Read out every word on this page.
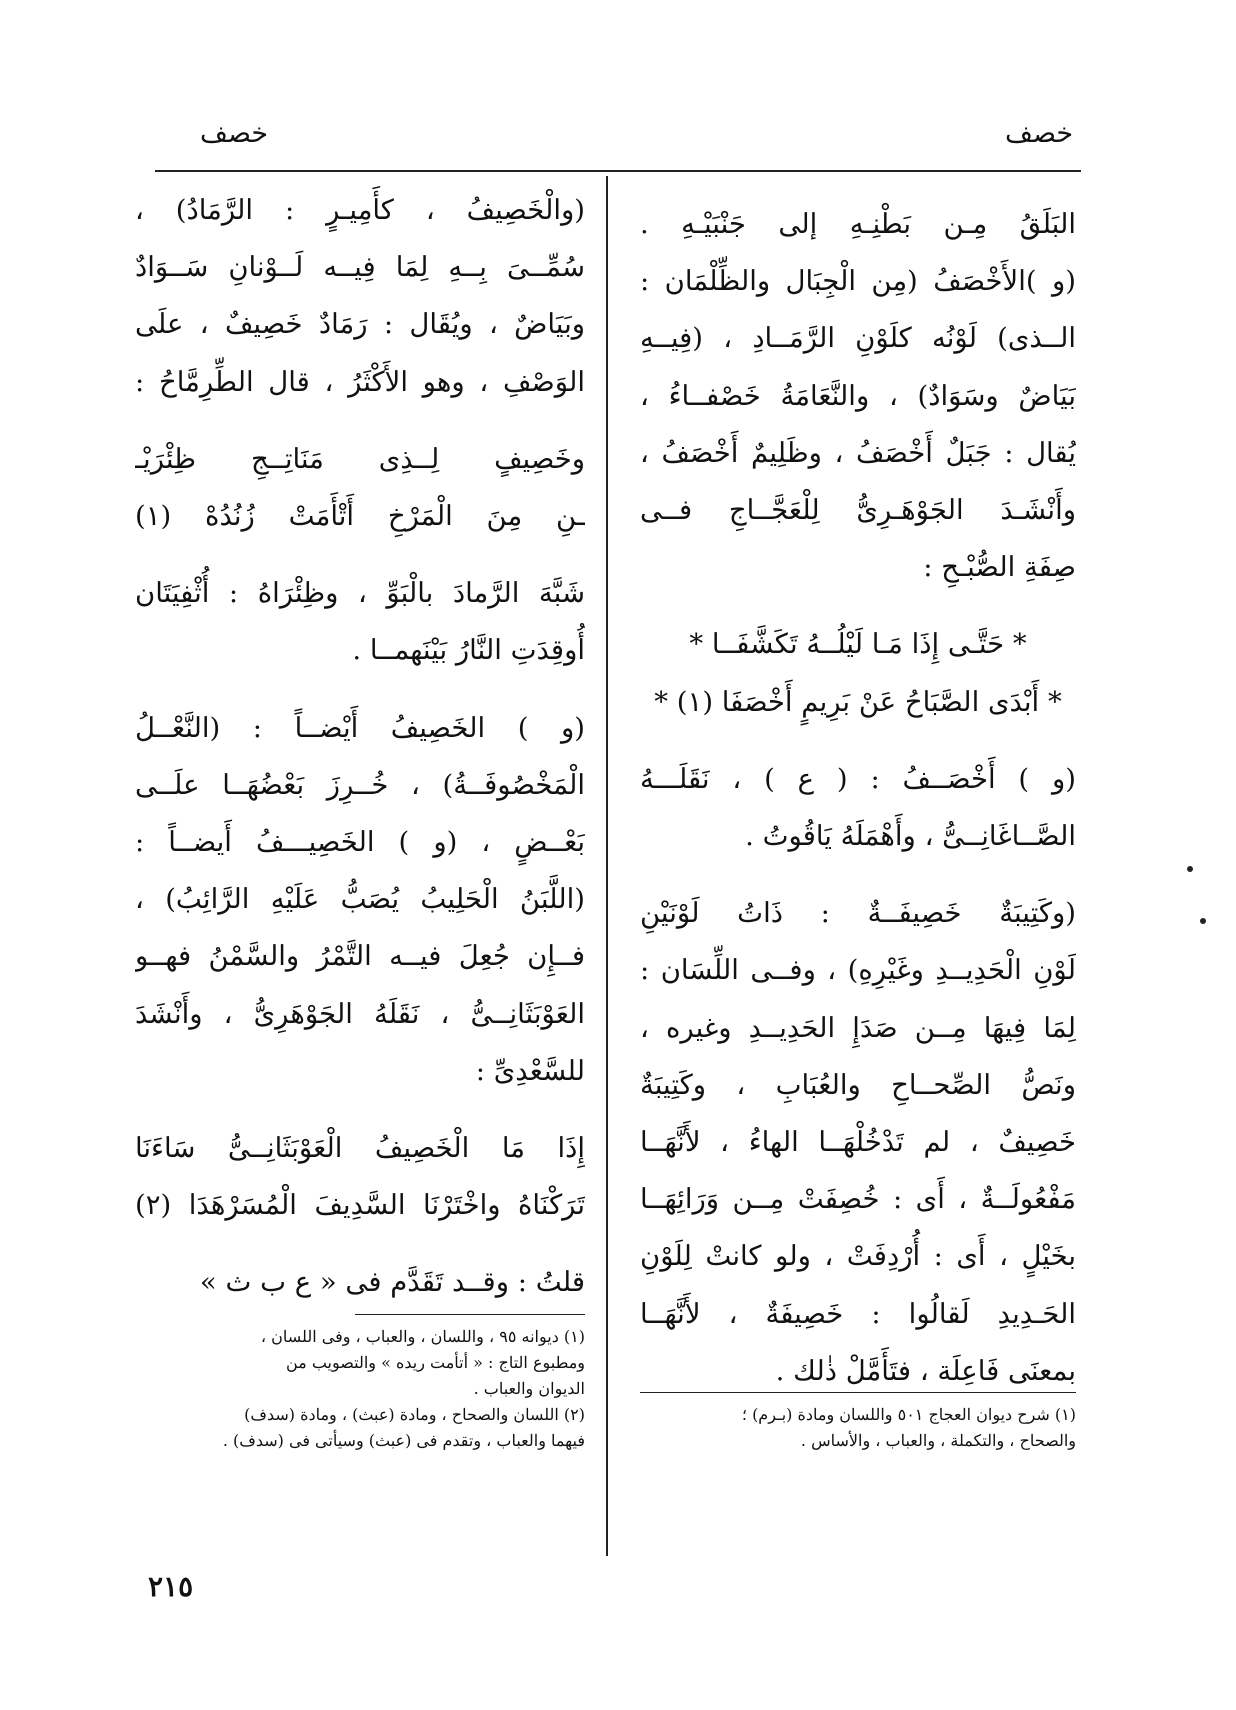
خصف	خصف
البَلَقُ مِـن بَطْنِـهِ إلى جَنْبَيْـهِ .
(و )الأَخْصَفُ (مِن الْجِبَال والظِّلْمَان :
الــذى) لَوْنُه كلَوْنِ الرَّمَــادِ ، (فِيــهِ
بَيَاضٌ وسَوَادٌ) ، والنَّعَامَةُ خَصْفــاءُ ،
يُقال : جَبَلٌ أَخْصَفُ ، وظَلِيمٌ أَخْصَفُ ،
وأَنْشَـدَ الجَوْهَـرِىُّ لِلْعَجَّــاجِ فــى
صِفَةِ الصُّبْـحِ :
* حَتَّـى إِذَا مَـا لَيْلُــهُ تَكَشَّفَــا *
* أَبْدَى الصَّبَاحُ عَنْ بَرِيمٍ أَخْصَفَا (١) *
(و ) أَخْصَــفُ : ( ع ) ، نَقَلَـــهُ
الصَّــاغَانِــىُّ ، وأَهْمَلَهُ يَاقُوتُ .
(وكَتِيبَةٌ خَصِيفَــةٌ : ذَاتُ لَوْنَيْنِ
لَوْنِ الْحَدِيــدِ وغَيْرِهِ) ، وفــى اللِّسَان :
لِمَا فِيهَا مِــن صَدَإِ الحَدِيــدِ وغيره ،
ونَصُّ الصِّحــاحِ والعُبَابِ ، وكَتِيبَةٌ
خَصِيفٌ ، لم تَدْخُلْهَــا الهاءُ ، لأَنَّهَــا
مَفْعُولَــةٌ ، أَى : خُصِفَتْ مِــن وَرَائِهَــا
بخَيْلٍ ، أَى : أُرْدِفَتْ ، ولو كانتْ لِلَوْنِ
الحَـدِيدِ لَقالُوا : خَصِيفَةٌ ، لأَنَّهَــا
بمعنَى فَاعِلَة ، فتَأَمَّلْ ذٰلك .
(١) شرح ديوان العجاج ٥٠١ واللسان ومادة (بـرم) ؛
والصحاح ، والتكملة ، والعباب ، والأساس .
(والْخَصِيفُ ، كأَمِيـرٍ : الرَّمَادُ) ،
سُمِّــىَ بِــهِ لِمَا فِيــه لَــوْنانِ سَــوَادٌ
وبَيَاضٌ ، ويُقَال : رَمَادٌ خَصِيفٌ ، علَى
الوَصْفِ ، وهو الأَكْثَرُ ، قال الطِّرِمَّاحُ :
وخَصِيفٍ لِــذِى مَنَاتِــجِ ظِئْرَيْـ
ـنِ مِنَ الْمَرْخِ أَتْأَمَتْ زُنُدُهْ (١)
شَبَّهَ الرَّمادَ بالْبَوِّ ، وظِئْرَاهُ : أُثْفِيَتَان
أُوقِدَتِ النَّارُ بَيْنَهمــا .
(و ) الخَصِيفُ أَيْضــاً : (النَّعْــلُ
الْمَخْصُوفَــةُ) ، خُــرِزَ بَعْضُهَــا علَــى
بَعْــضٍ ، (و ) الخَصِيـــفُ أَيضــاً :
(اللَّبَنُ الْحَلِيبُ يُصَبُّ عَلَيْهِ الرَّائِبُ) ،
فــإِن جُعِلَ فيــه التَّمْرُ والسَّمْنُ فهــو
العَوْبَثَانِــىُّ ، نَقَلَهُ الجَوْهَرِىُّ ، وأَنْشَدَ
للسَّعْدِىِّ :
إِذَا مَا الْخَصِيفُ الْعَوْبَثَانِــىُّ سَاءَنَا
تَرَكْنَاهُ واخْتَرْنَا السَّدِيفَ الْمُسَرْهَدَا (٢)
قلتُ : وقــد تَقَدَّم فى « ع ب ث »
(١) ديوانه ٩٥ ، واللسان ، والعباب ، وفى اللسان ،
ومطبوع التاج : « أتأمت ريده » والتصويب من
الديوان والعباب .
(٢) اللسان والصحاح ، ومادة (عبث) ، ومادة (سدف)
فيهما والعباب ، وتقدم فى (عبث) وسيأتى فى (سدف) .
٢١٥
